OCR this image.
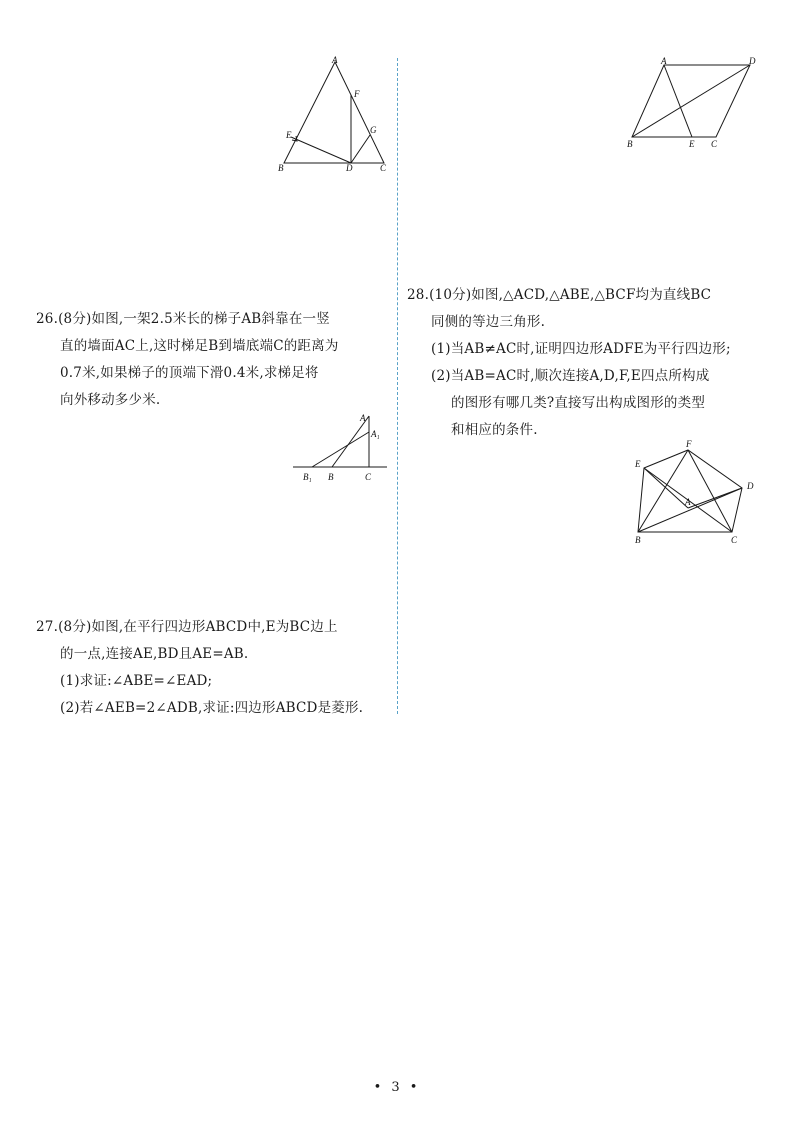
A
F
E	G
B	D	C
A	D
B	E C
26.(8分)如图,一架2.5米长的梯子AB斜靠在一竖
直的墙面AC上,这时梯足B到墙底端C的距离为
0.7米,如果梯子的顶端下滑0.4米,求梯足将
向外移动多少米.
A
A₁
B₁ B	C
27.(8分)如图,在平行四边形ABCD中,E为BC边上
的一点,连接AE,BD且AE=AB.
(1)求证:∠ABE=∠EAD;
(2)若∠AEB=2∠ADB,求证:四边形ABCD是菱形.
28.(10分)如图,△ACD,△ABE,△BCF均为直线BC
同侧的等边三角形.
(1)当AB≠AC时,证明四边形ADFE为平行四边形;
(2)当AB=AC时,顺次连接A,D,F,E四点所构成
的图形有哪几类?直接写出构成图形的类型
和相应的条件.
F
E
D
A
B	C
• 3 •
